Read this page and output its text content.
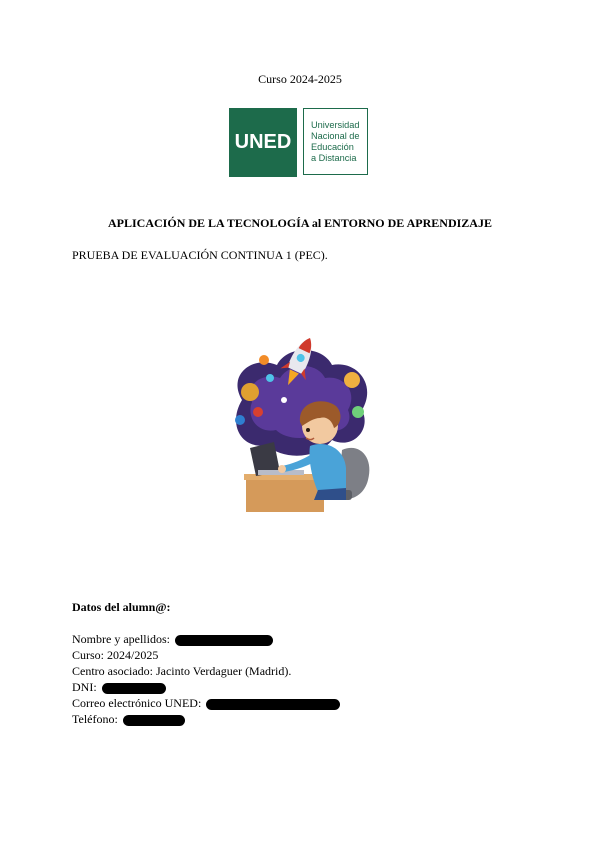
Curso 2024-2025
UNED
Universidad
Nacional de
Educación
a Distancia
APLICACIÓN DE LA TECNOLOGÍA al ENTORNO DE APRENDIZAJE
PRUEBA DE EVALUACIÓN CONTINUA 1 (PEC).
Datos del alumn@:
Nombre y apellidos:
Curso: 2024/2025
Centro asociado: Jacinto Verdaguer (Madrid).
DNI:
Correo electrónico UNED:
Teléfono:
